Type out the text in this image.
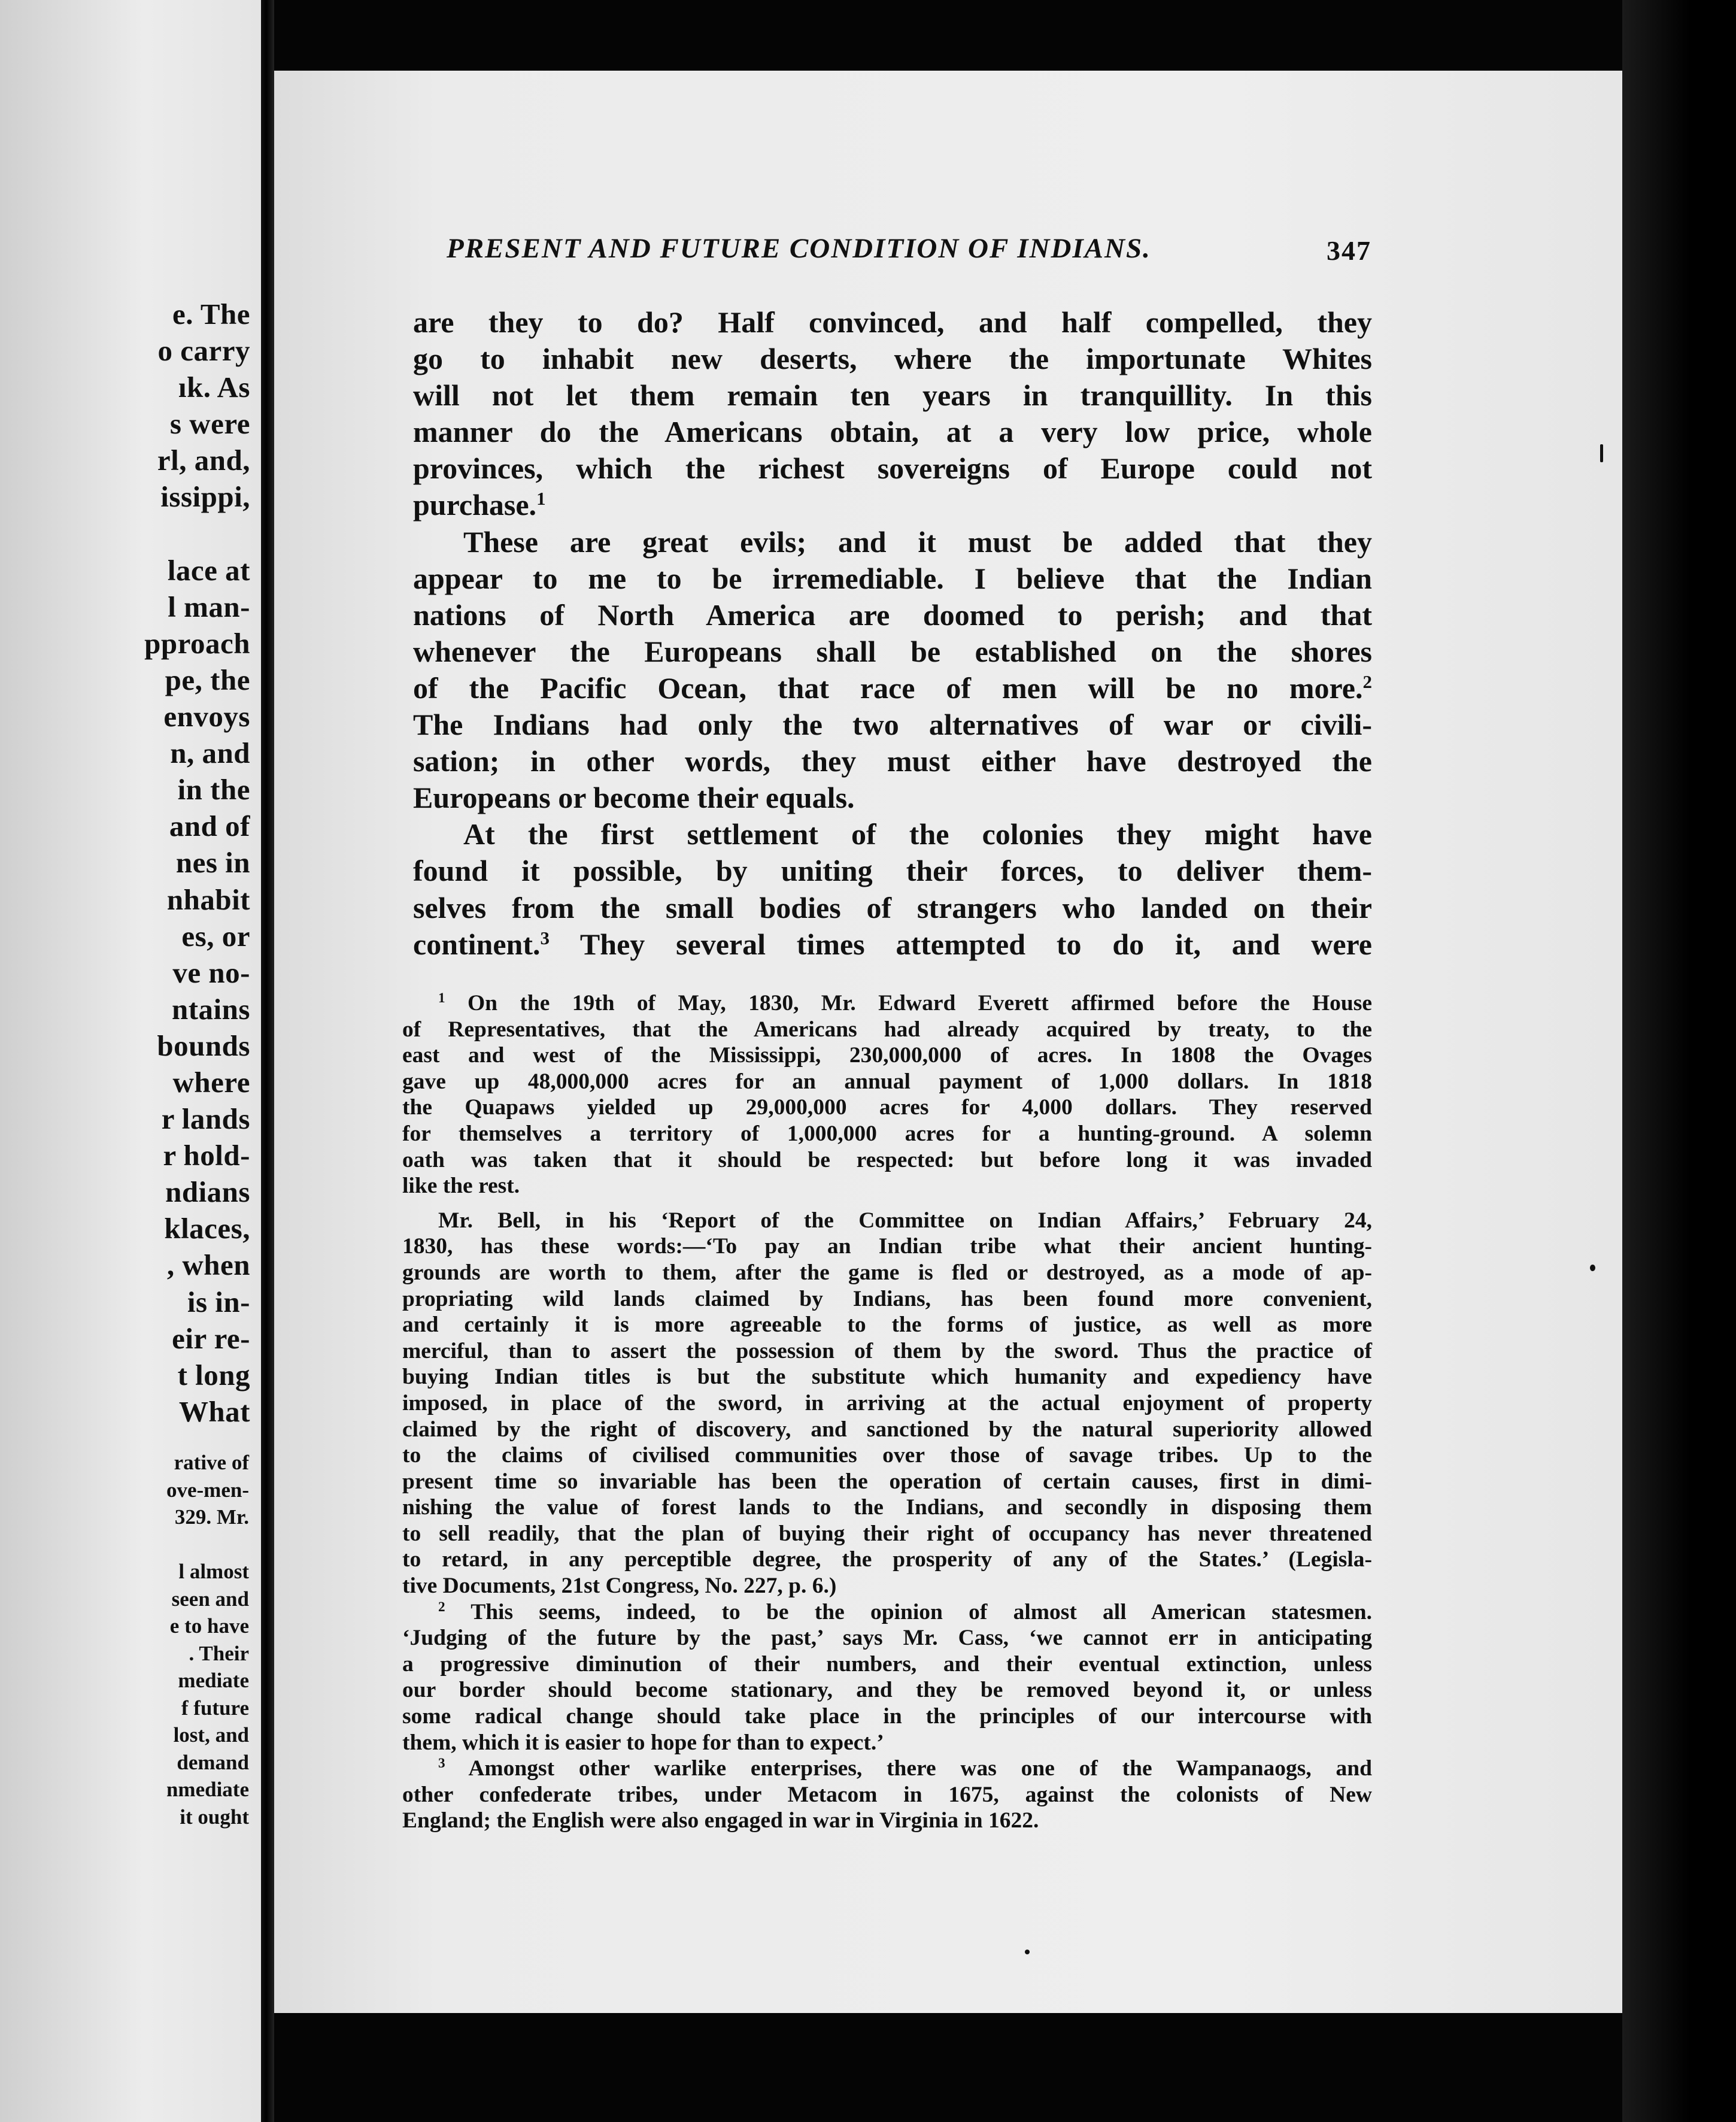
e. The
o carry
ık. As
s were
rl, and,
issippi,

lace at
l man-
pproach
pe, the
envoys
n, and
in the
and of
nes in
nhabit
es, or
ve no-
ntains
bounds
where
r lands
r hold-
ndians
klaces,
, when
is in-
eir re-
t long
What
rative of
ove-men-
329. Mr.

l almost
seen and
e to have
. Their
mediate
f future
lost, and
demand
nmediate
it ought
PRESENT AND FUTURE CONDITION OF INDIANS.	347
are they to do? Half convinced, and half compelled, they
go to inhabit new deserts, where the importunate Whites
will not let them remain ten years in tranquillity. In this
manner do the Americans obtain, at a very low price, whole
provinces, which the richest sovereigns of Europe could not
purchase.$^1$
These are great evils; and it must be added that they
appear to me to be irremediable. I believe that the Indian
nations of North America are doomed to perish; and that
whenever the Europeans shall be established on the shores
of the Pacific Ocean, that race of men will be no more.$^2$
The Indians had only the two alternatives of war or civili-
sation; in other words, they must either have destroyed the
Europeans or become their equals.
At the first settlement of the colonies they might have
found it possible, by uniting their forces, to deliver them-
selves from the small bodies of strangers who landed on their
continent.$^3$ They several times attempted to do it, and were
$^1$ On the 19th of May, 1830, Mr. Edward Everett affirmed before the House
of Representatives, that the Americans had already acquired by treaty, to the
east and west of the Mississippi, 230,000,000 of acres. In 1808 the Ovages
gave up 48,000,000 acres for an annual payment of 1,000 dollars. In 1818
the Quapaws yielded up 29,000,000 acres for 4,000 dollars. They reserved
for themselves a territory of 1,000,000 acres for a hunting-ground. A solemn
oath was taken that it should be respected: but before long it was invaded
like the rest.
Mr. Bell, in his ‘Report of the Committee on Indian Affairs,’ February 24,
1830, has these words:—‘To pay an Indian tribe what their ancient hunting-
grounds are worth to them, after the game is fled or destroyed, as a mode of ap-
propriating wild lands claimed by Indians, has been found more convenient,
and certainly it is more agreeable to the forms of justice, as well as more
merciful, than to assert the possession of them by the sword. Thus the practice of
buying Indian titles is but the substitute which humanity and expediency have
imposed, in place of the sword, in arriving at the actual enjoyment of property
claimed by the right of discovery, and sanctioned by the natural superiority allowed
to the claims of civilised communities over those of savage tribes. Up to the
present time so invariable has been the operation of certain causes, first in dimi-
nishing the value of forest lands to the Indians, and secondly in disposing them
to sell readily, that the plan of buying their right of occupancy has never threatened
to retard, in any perceptible degree, the prosperity of any of the States.’ (Legisla-
tive Documents, 21st Congress, No. 227, p. 6.)
$^2$ This seems, indeed, to be the opinion of almost all American statesmen.
‘Judging of the future by the past,’ says Mr. Cass, ‘we cannot err in anticipating
a progressive diminution of their numbers, and their eventual extinction, unless
our border should become stationary, and they be removed beyond it, or unless
some radical change should take place in the principles of our intercourse with
them, which it is easier to hope for than to expect.’
$^3$ Amongst other warlike enterprises, there was one of the Wampanaogs, and
other confederate tribes, under Metacom in 1675, against the colonists of New
England; the English were also engaged in war in Virginia in 1622.
